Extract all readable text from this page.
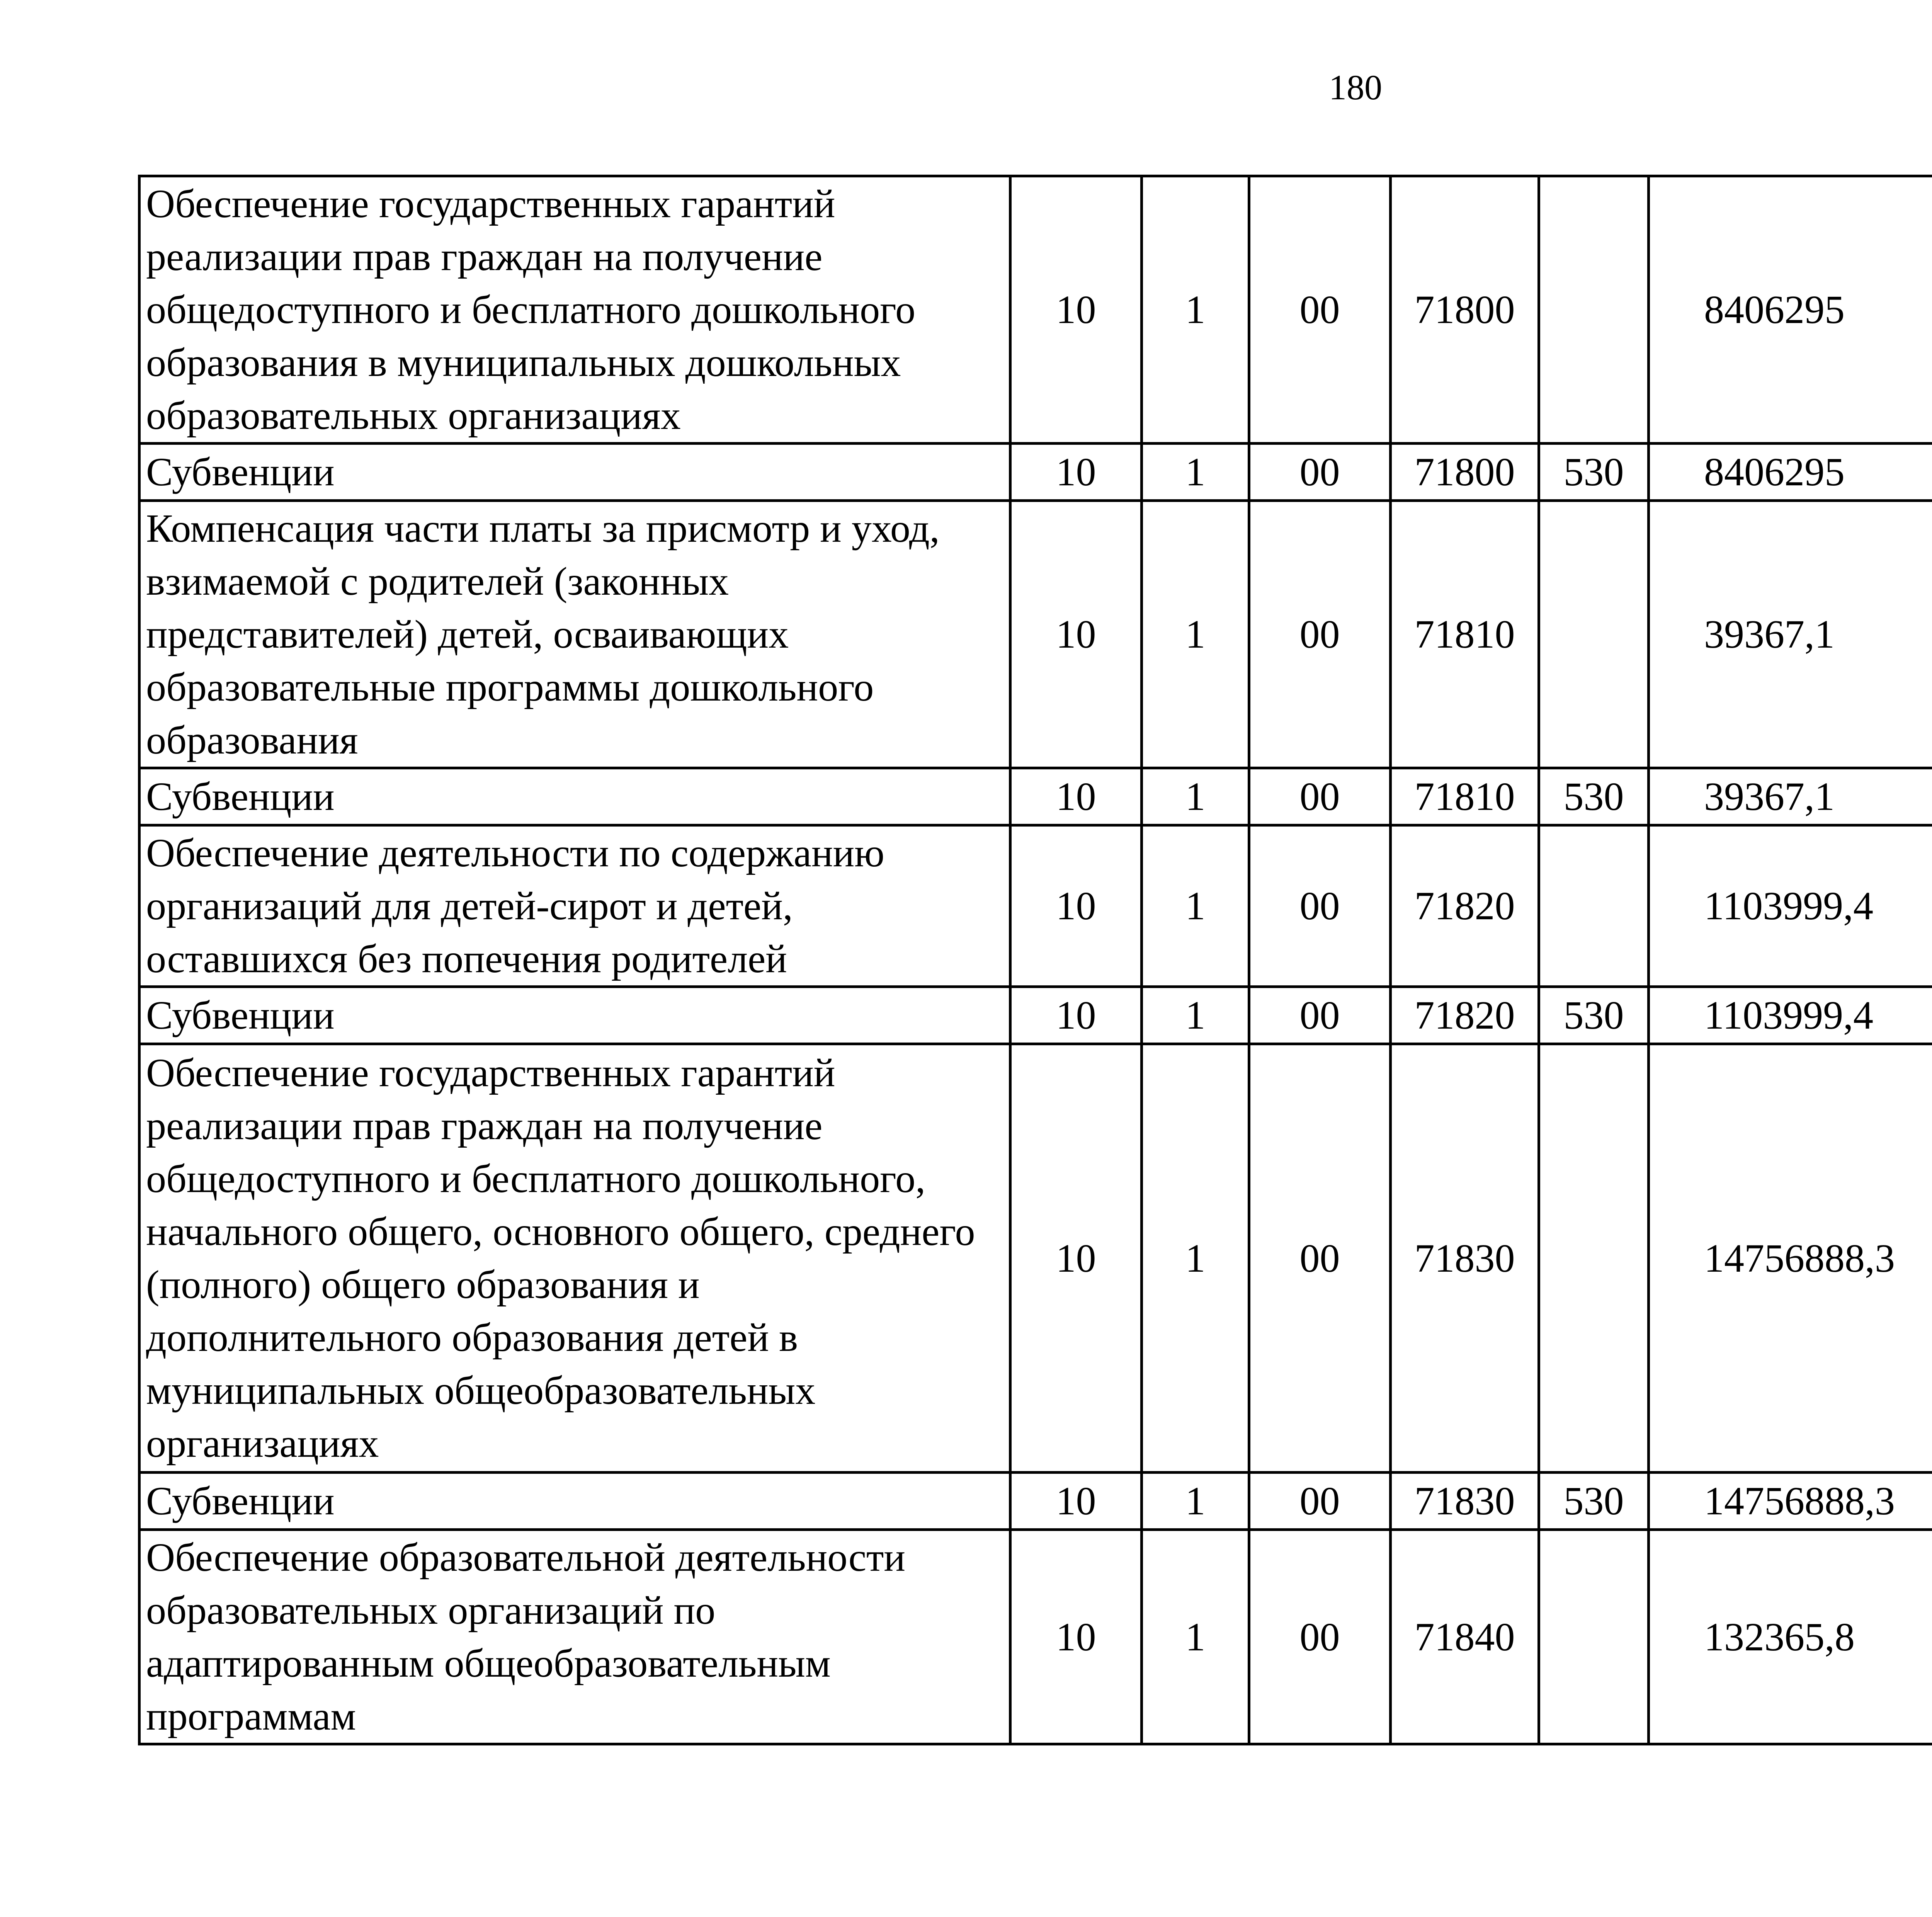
180
Обеспечение государственных гарантий реализации прав граждан на получение общедоступного и бесплатного дошкольного образования в муниципальных дошкольных образовательных организациях	10	1	00	71800		8406295		
Субвенции	10	1	00	71800	530	8406295		
Компенсация части платы за присмотр и уход, взимаемой с родителей (законных представителей) детей, осваивающих образовательные программы дошкольного образования	10	1	00	71810		39367,1		
Субвенции	10	1	00	71810	530	39367,1		
Обеспечение деятельности по содержанию организаций для детей-сирот и детей, оставшихся без попечения родителей	10	1	00	71820		1103999,4		
Субвенции	10	1	00	71820	530	1103999,4		
Обеспечение государственных гарантий реализации прав граждан на получение общедоступного и бесплатного дошкольного, начального общего, основного общего, среднего (полного) общего образования и дополнительного образования детей в муниципальных общеобразовательных организациях	10	1	00	71830		14756888,3		
Субвенции	10	1	00	71830	530	14756888,3		
Обеспечение образовательной деятельности образовательных организаций по адаптированным общеобразовательным программам	10	1	00	71840		132365,8		
